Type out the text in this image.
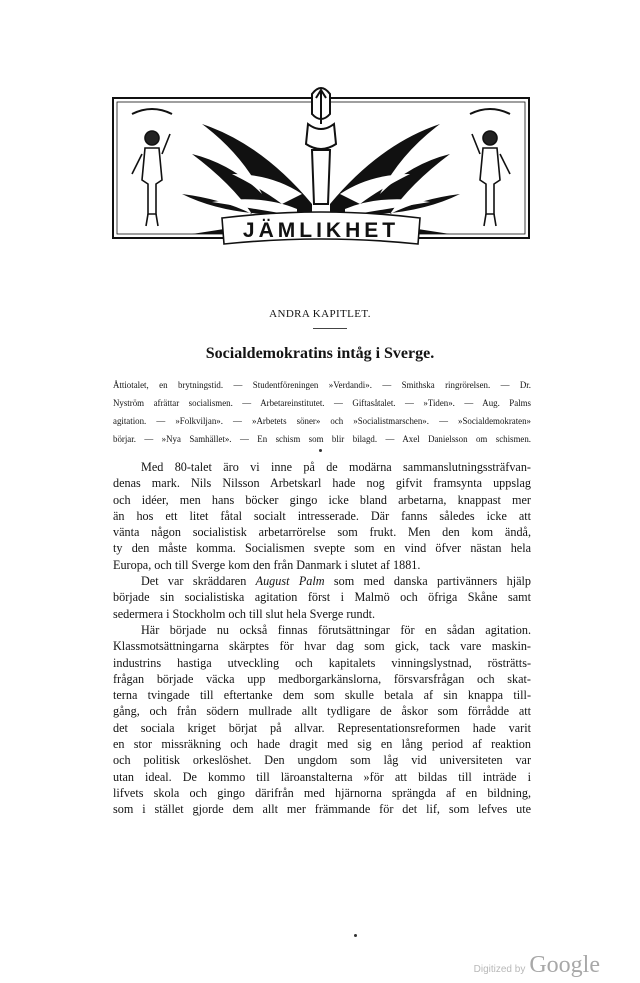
JÄMLIKHET
ANDRA KAPITLET.
Socialdemokratins intåg i Sverge.
Åttiotalet, en brytningstid. — Studentföreningen »Verdandi». — Smithska ringrörelsen. — Dr.
Nyström afrättar socialismen. — Arbetareinstitutet. — Giftasåtalet. — »Tiden». — Aug. Palms
agitation. — »Folkviljan». — »Arbetets söner» och »Socialistmarschen». — »Socialdemokraten»
börjar. — »Nya Samhället». — En schism som blir bilagd. — Axel Danielsson om schismen.
Med 80-talet äro vi inne på de modärna sammanslutningssträfvan-
denas mark. Nils Nilsson Arbetskarl hade nog gifvit framsynta uppslag
och idéer, men hans böcker gingo icke bland arbetarna, knappast mer
än hos ett litet fåtal socialt intresserade. Där fanns således icke att
vänta någon socialistisk arbetarrörelse som frukt. Men den kom ändå,
ty den måste komma. Socialismen svepte som en vind öfver nästan hela
Europa, och till Sverge kom den från Danmark i slutet af 1881.
Det var skräddaren August Palm som med danska partivänners hjälp
började sin socialistiska agitation först i Malmö och öfriga Skåne samt
sedermera i Stockholm och till slut hela Sverge rundt.
Här började nu också finnas förutsättningar för en sådan agitation.
Klassmotsättningarna skärptes för hvar dag som gick, tack vare maskin-
industrins hastiga utveckling och kapitalets vinningslystnad, rösträtts-
frågan började väcka upp medborgarkänslorna, försvarsfrågan och skat-
terna tvingade till eftertanke dem som skulle betala af sin knappa till-
gång, och från södern mullrade allt tydligare de åskor som förrådde att
det sociala kriget börjat på allvar. Representationsreformen hade varit
en stor missräkning och hade dragit med sig en lång period af reaktion
och politisk orkeslöshet. Den ungdom som låg vid universiteten var
utan ideal. De kommo till läroanstalterna »för att bildas till inträde i
lifvets skola och gingo därifrån med hjärnorna sprängda af en bildning,
som i stället gjorde dem allt mer främmande för det lif, som lefves ute
Digitized by Google
